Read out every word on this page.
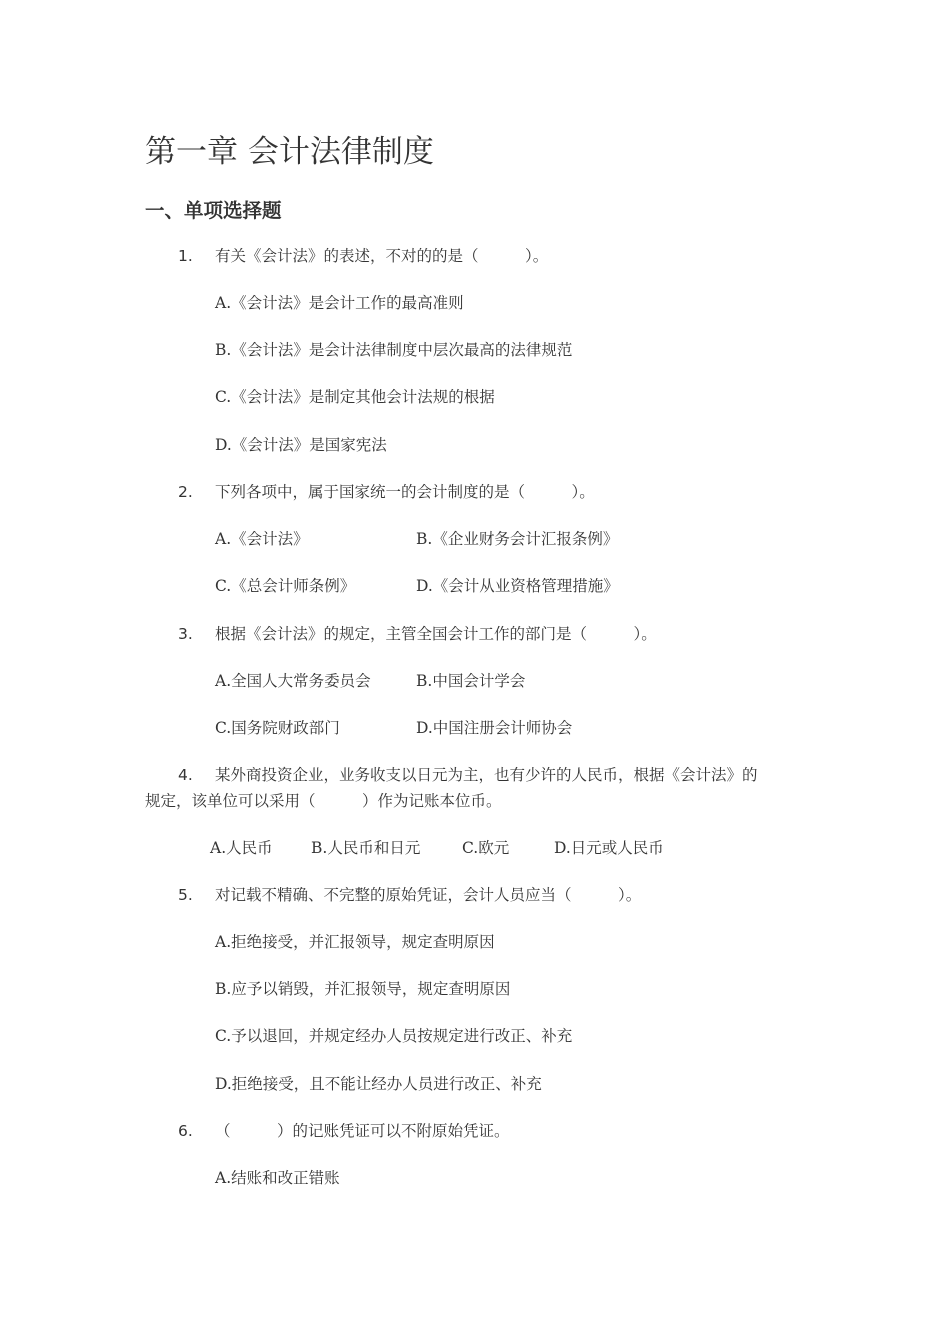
第一章 会计法律制度
一、单项选择题
1. 有关《会计法》的表述，不对的的是（　　　）。
A.《会计法》是会计工作的最高准则
B.《会计法》是会计法律制度中层次最高的法律规范
C.《会计法》是制定其他会计法规的根据
D.《会计法》是国家宪法
2. 下列各项中，属于国家统一的会计制度的是（　　　）。
A.《会计法》	B.《企业财务会计汇报条例》
C.《总会计师条例》	D.《会计从业资格管理措施》
3. 根据《会计法》的规定，主管全国会计工作的部门是（　　　）。
A.全国人大常务委员会	B.中国会计学会
C.国务院财政部门	D.中国注册会计师协会
4. 某外商投资企业，业务收支以日元为主，也有少许的人民币，根据《会计法》的
规定，该单位可以采用（　　　）作为记账本位币。
A.人民币 B.人民币和日元	C.欧元	D.日元或人民币
5. 对记载不精确、不完整的原始凭证，会计人员应当（　　　）。
A.拒绝接受，并汇报领导，规定查明原因
B.应予以销毁，并汇报领导，规定查明原因
C.予以退回，并规定经办人员按规定进行改正、补充
D.拒绝接受，且不能让经办人员进行改正、补充
6. （　　　）的记账凭证可以不附原始凭证。
A.结账和改正错账
